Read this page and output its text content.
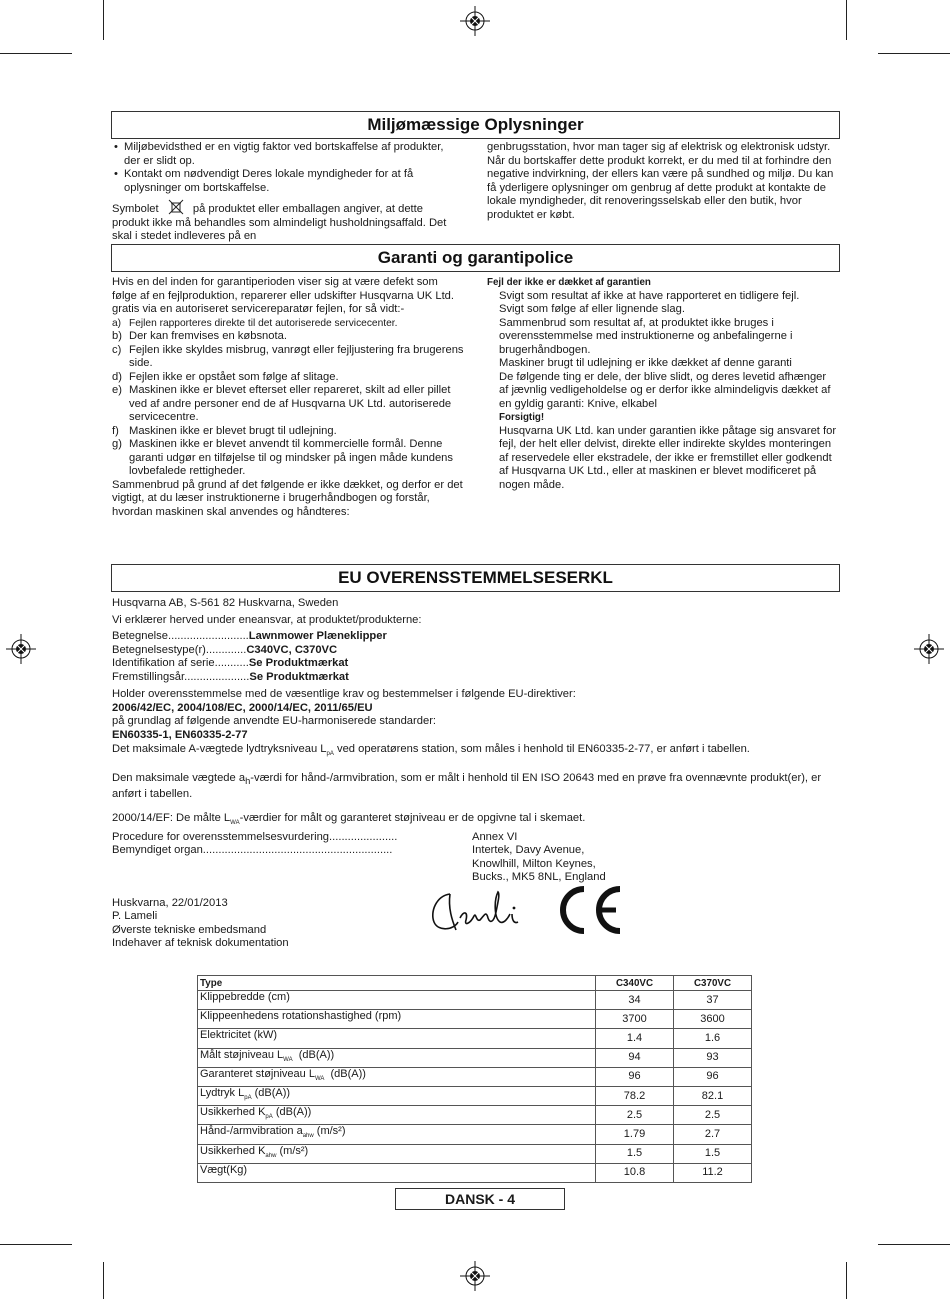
Miljømæssige Oplysninger
• Miljøbevidsthed er en vigtig faktor ved bortskaffelse af produkter, der er slidt op.
• Kontakt om nødvendigt Deres lokale myndigheder for at få oplysninger om bortskaffelse.
Symbolet	på produktet eller emballagen angiver, at dette produkt ikke må behandles som almindeligt husholdningsaffald. Det skal i stedet indleveres på en
genbrugsstation, hvor man tager sig af elektrisk og elektronisk udstyr. Når du bortskaffer dette produkt korrekt, er du med til at forhindre den negative indvirkning, der ellers kan være på sundhed og miljø. Du kan få yderligere oplysninger om genbrug af dette produkt at kontakte de lokale myndigheder, dit renoveringsselskab eller den butik, hvor produktet er købt.
Garanti og garantipolice
Hvis en del inden for garantiperioden viser sig at være defekt som følge af en fejlproduktion, reparerer eller udskifter Husqvarna UK Ltd. gratis via en autoriseret servicereparatør fejlen, for så vidt:-
a) Fejlen rapporteres direkte til det autoriserede servicecenter.
b) Der kan fremvises en købsnota.
c) Fejlen ikke skyldes misbrug, vanrøgt eller fejljustering fra brugerens side.
d) Fejlen ikke er opstået som følge af slitage.
e) Maskinen ikke er blevet efterset eller repareret, skilt ad eller pillet ved af andre personer end de af Husqvarna UK Ltd. autoriserede servicecentre.
f) Maskinen ikke er blevet brugt til udlejning.
g) Maskinen ikke er blevet anvendt til kommercielle formål. Denne garanti udgør en tilføjelse til og mindsker på ingen måde kundens lovbefalede rettigheder.
Sammenbrud på grund af det følgende er ikke dækket, og derfor er det vigtigt, at du læser instruktionerne i brugerhåndbogen og forstår, hvordan maskinen skal anvendes og håndteres:
Fejl der ikke er dækket af garantien
Svigt som resultat af ikke at have rapporteret en tidligere fejl.
Svigt som følge af eller lignende slag.
Sammenbrud som resultat af, at produktet ikke bruges i overensstemmelse med instruktionerne og anbefalingerne i brugerhåndbogen.
Maskiner brugt til udlejning er ikke dækket af denne garanti
De følgende ting er dele, der blive slidt, og deres levetid afhænger af jævnlig vedligeholdelse og er derfor ikke almindeligvis dækket af en gyldig garanti: Knive, elkabel
Forsigtig!
Husqvarna UK Ltd. kan under garantien ikke påtage sig ansvaret for fejl, der helt eller delvist, direkte eller indirekte skyldes monteringen af reservedele eller ekstradele, der ikke er fremstillet eller godkendt af Husqvarna UK Ltd., eller at maskinen er blevet modificeret på nogen måde.
EU OVERENSSTEMMELSESERKL
Husqvarna AB, S-561 82 Huskvarna, Sweden
Vi erklærer herved under eneansvar, at produktet/produkterne:
Betegnelse..........................Lawnmower Plæneklipper
Betegnelsestype(r).............C340VC, C370VC
Identifikation af serie...........Se Produktmærkat
Fremstillingsår.....................Se Produktmærkat
Holder overensstemmelse med de væsentlige krav og bestemmelser i følgende EU-direktiver:
2006/42/EC, 2004/108/EC, 2000/14/EC, 2011/65/EU
på grundlag af følgende anvendte EU-harmoniserede standarder:
EN60335-1, EN60335-2-77
Det maksimale A-vægtede lydtryksniveau $L_{pA}$ ved operatørens station, som måles i henhold til EN60335-2-77, er anført i tabellen.
Den maksimale vægtede $a_h$-værdi for hånd-/armvibration, som er målt i henhold til EN ISO 20643 med en prøve fra ovennævnte produkt(er), er anført i tabellen.
2000/14/EF: De målte $L_{WA}$-værdier for målt og garanteret støjniveau er de opgivne tal i skemaet.
Procedure for overensstemmelsesvurdering......................	Annex VI
Bemyndiget organ.............................................................	Intertek, Davy Avenue,
Knowlhill, Milton Keynes,
Bucks., MK5 8NL, England
Huskvarna, 22/01/2013
P. Lameli
Øverste tekniske embedsmand
Indehaver af teknisk dokumentation
Type	C340VC	C370VC
Klippebredde (cm)	34	37
Klippeenhedens rotationshastighed (rpm)	3700	3600
Elektricitet (kW)	1.4	1.6
Målt støjniveau $L_{WA}$  (dB(A))	94	93
Garanteret støjniveau $L_{WA}$  (dB(A))	96	96
Lydtryk $L_{pA}$ (dB(A))	78.2	82.1
Usikkerhed $K_{pA}$ (dB(A))	2.5	2.5
Hånd-/armvibration $a_{ahw}$ (m/s²)	1.79	2.7
Usikkerhed $K_{ahw}$ (m/s²)	1.5	1.5
Vægt(Kg)	10.8	11.2
DANSK - 4
